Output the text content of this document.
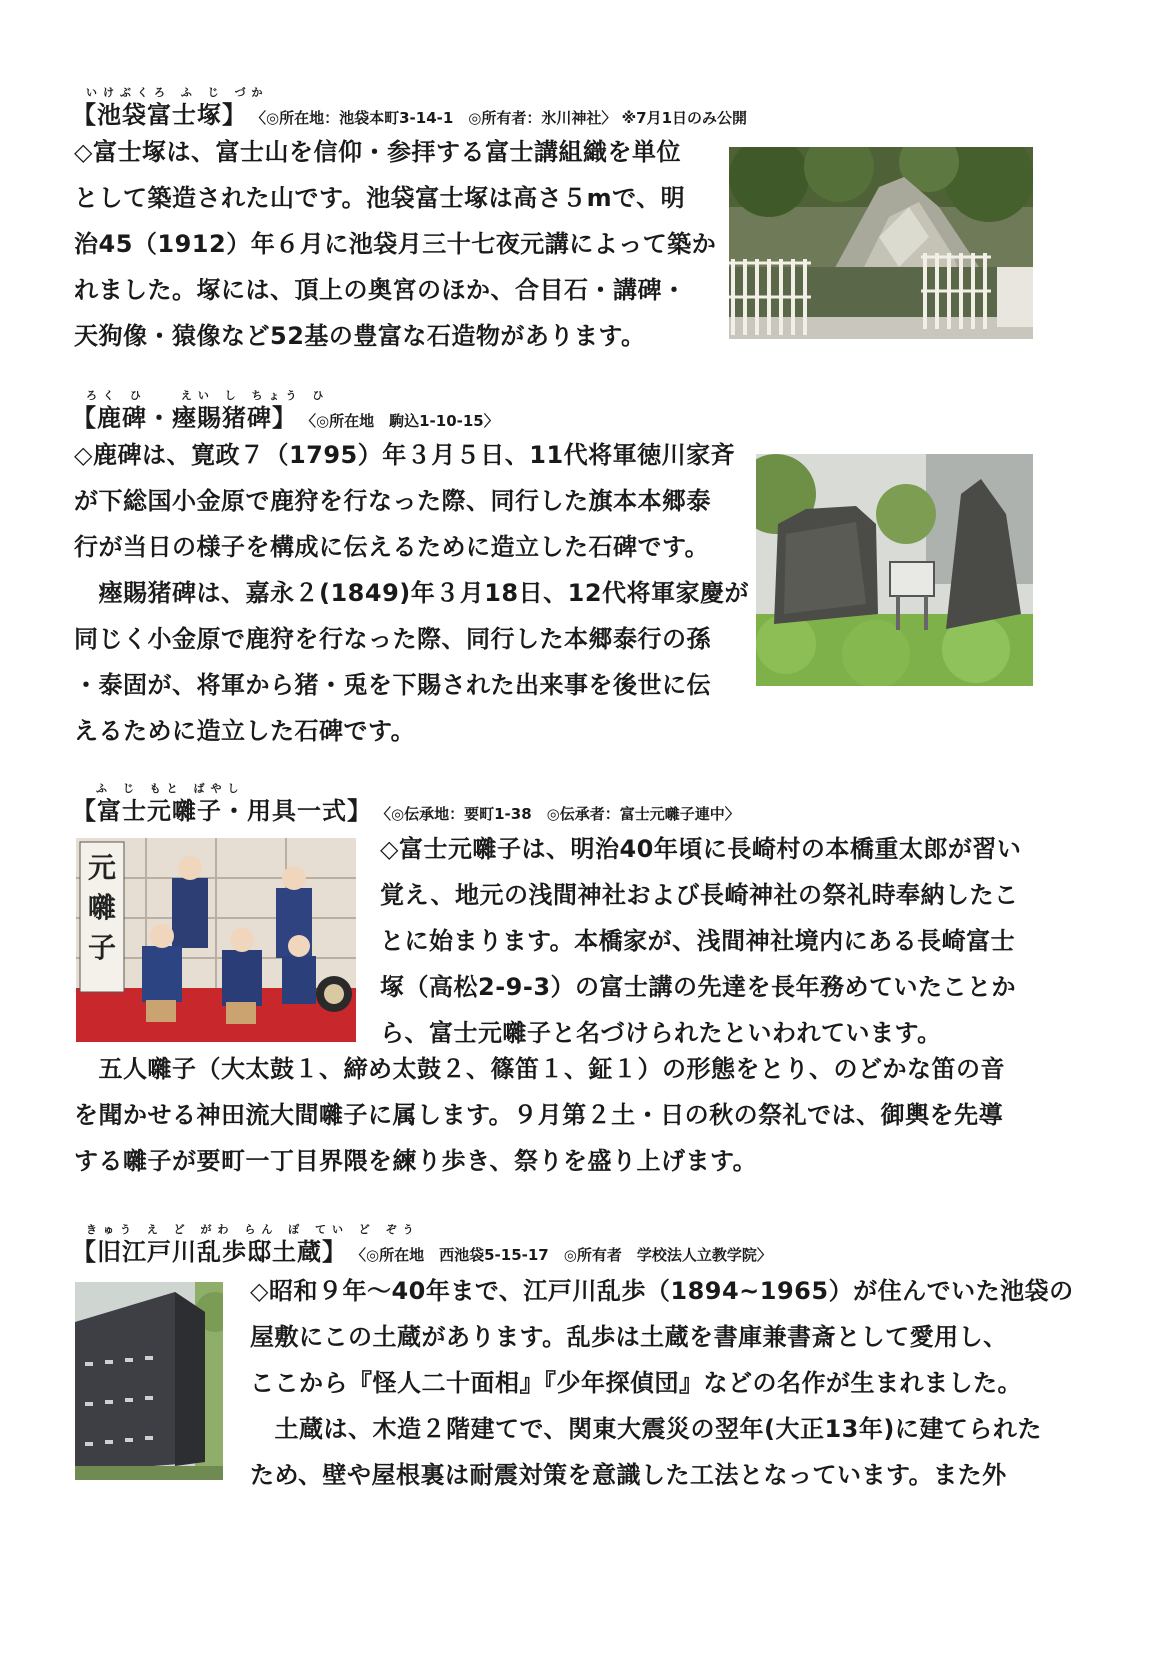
いけぶくろ ふ じ づか
【池袋富士塚】 〈◎所在地：池袋本町3-14-1　◎所有者：氷川神社〉 ※7月1日のみ公開
◇富士塚は、富士山を信仰・参拝する富士講組織を単位
として築造された山です。池袋富士塚は高さ５mで、明
治45（1912）年６月に池袋月三十七夜元講によって築か
れました。塚には、頂上の奥宮のほか、合目石・講碑・
天狗像・猿像など52基の豊富な石造物があります。
ろく ひ　　えい し ちょう ひ
【鹿碑・瘞賜猪碑】 〈◎所在地　駒込1-10-15〉
◇鹿碑は、寛政７（1795）年３月５日、11代将軍徳川家斉
が下総国小金原で鹿狩を行なった際、同行した旗本本郷泰
行が当日の様子を構成に伝えるために造立した石碑です。
　瘞賜猪碑は、嘉永２(1849)年３月18日、12代将軍家慶が
同じく小金原で鹿狩を行なった際、同行した本郷泰行の孫
・泰固が、将軍から猪・兎を下賜された出来事を後世に伝
えるために造立した石碑です。
ふ じ もと ばやし
【富士元囃子・用具一式】 〈◎伝承地：要町1-38　◎伝承者：富士元囃子連中〉
元囃子
◇富士元囃子は、明治40年頃に長崎村の本橋重太郎が習い
覚え、地元の浅間神社および長崎神社の祭礼時奉納したこ
とに始まります。本橋家が、浅間神社境内にある長崎富士
塚（高松2-9-3）の富士講の先達を長年務めていたことか
ら、富士元囃子と名づけられたといわれています。
　五人囃子（大太鼓１、締め太鼓２、篠笛１、鉦１）の形態をとり、のどかな笛の音
を聞かせる神田流大間囃子に属します。９月第２土・日の秋の祭礼では、御輿を先導
する囃子が要町一丁目界隈を練り歩き、祭りを盛り上げます。
きゅう え ど がわ らん ぽ てい ど ぞう
【旧江戸川乱歩邸土蔵】 〈◎所在地　西池袋5-15-17　◎所有者　学校法人立教学院〉
◇昭和９年～40年まで、江戸川乱歩（1894~1965）が住んでいた池袋の
屋敷にこの土蔵があります。乱歩は土蔵を書庫兼書斎として愛用し、
ここから『怪人二十面相』『少年探偵団』などの名作が生まれました。
　土蔵は、木造２階建てで、関東大震災の翌年(大正13年)に建てられた
ため、壁や屋根裏は耐震対策を意識した工法となっています。また外
